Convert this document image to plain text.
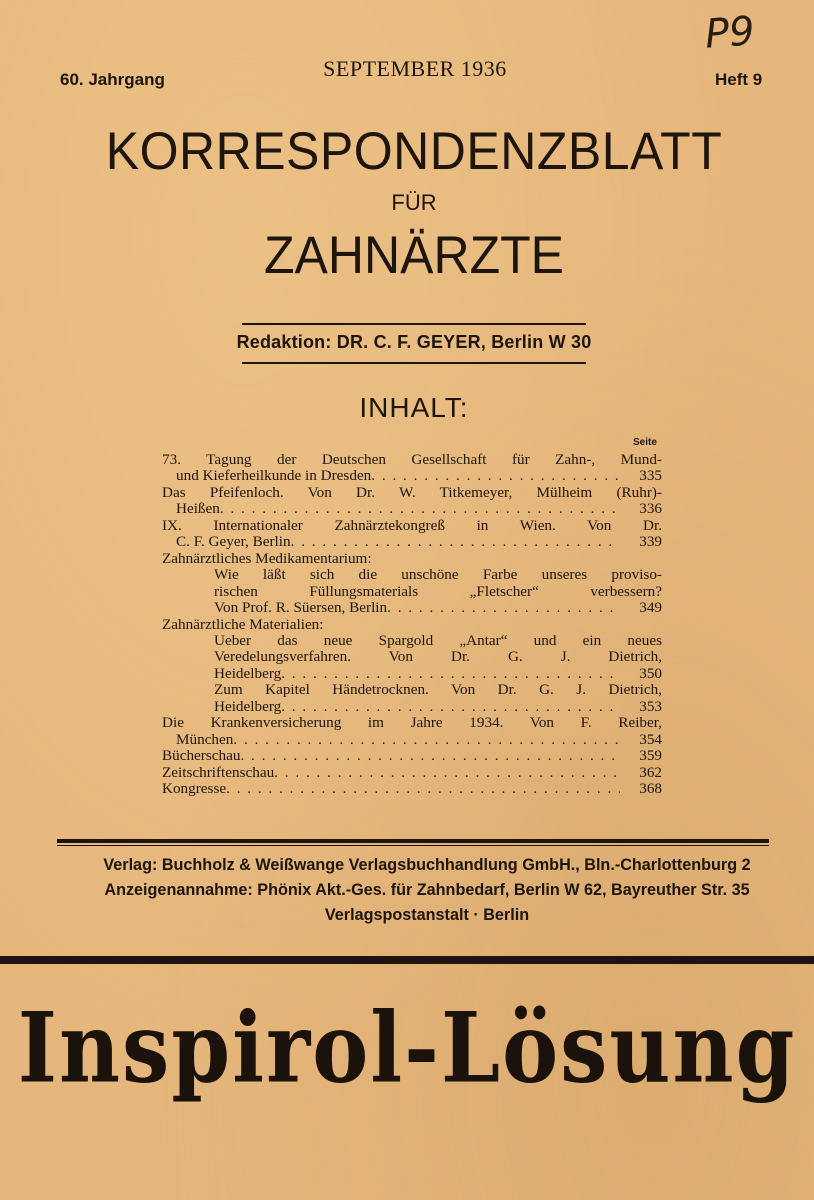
P9
60. Jahrgang	SEPTEMBER 1936	Heft 9
KORRESPONDENZBLATT
FÜR
ZAHNÄRZTE
Redaktion: DR. C. F. GEYER, Berlin W 30
INHALT:
Seite
73. Tagung der Deutschen Gesellschaft für Zahn-, Mund-
und Kieferheilkunde in Dresden . . .	335
Das Pfeifenloch. Von Dr. W. Titkemeyer, Mülheim (Ruhr)-
Heißen . . .	336
IX. Internationaler Zahnärztekongreß in Wien. Von Dr.
C. F. Geyer, Berlin . . .	339
Zahnärztliches Medikamentarium:
Wie läßt sich die unschöne Farbe unseres proviso-
rischen Füllungsmaterials „Fletscher“ verbessern?
Von Prof. R. Süersen, Berlin . . .	349
Zahnärztliche Materialien:
Ueber das neue Spargold „Antar“ und ein neues
Veredelungsverfahren. Von Dr. G. J. Dietrich,
Heidelberg . . .	350
Zum Kapitel Händetrocknen. Von Dr. G. J. Dietrich,
Heidelberg . . .	353
Die Krankenversicherung im Jahre 1934. Von F. Reiber,
München . . .	354
Bücherschau . . .	359
Zeitschriftenschau . . .	362
Kongresse . . .	368
Verlag: Buchholz & Weißwange Verlagsbuchhandlung GmbH., Bln.-Charlottenburg 2
Anzeigenannahme: Phönix Akt.-Ges. für Zahnbedarf, Berlin W 62, Bayreuther Str. 35
Verlagspostanstalt · Berlin
Inspirol-Lösung
